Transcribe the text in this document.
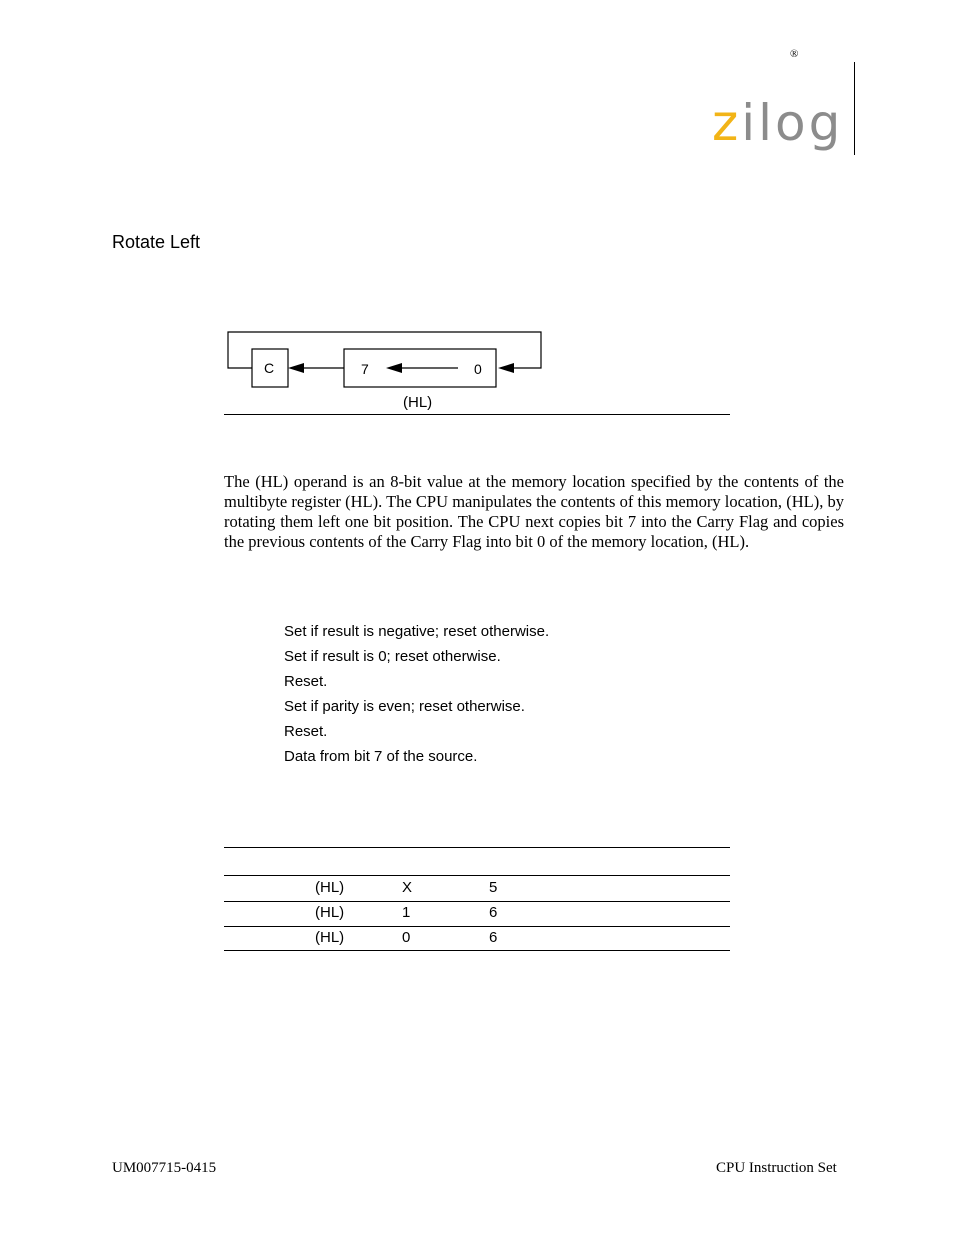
®
zilog
Rotate Left
C	7	0
(HL)
The (HL) operand is an 8-bit value at the memory location specified by the contents of the multibyte register (HL). The CPU manipulates the contents of this memory location, (HL), by rotating them left one bit position. The CPU next copies bit 7 into the Carry Flag and copies the previous contents of the Carry Flag into bit 0 of the memory location, (HL).
Set if result is negative; reset otherwise.
Set if result is 0; reset otherwise.
Reset.
Set if parity is even; reset otherwise.
Reset.
Data from bit 7 of the source.
(HL)	X	5
(HL)	1	6
(HL)	0	6
UM007715-0415	CPU Instruction Set
